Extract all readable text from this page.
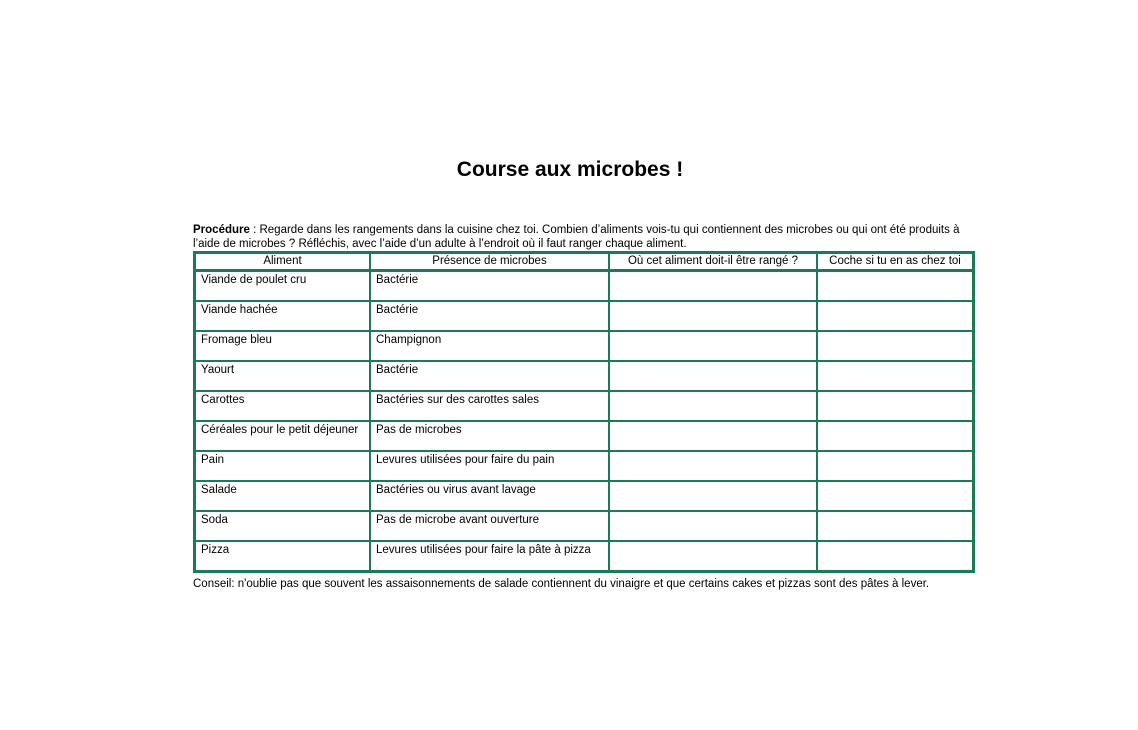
Course aux microbes !

Procédure : Regarde dans les rangements dans la cuisine chez toi. Combien d’aliments vois-tu qui contiennent des microbes ou qui ont été produits à l’aide de microbes ? Réfléchis, avec l’aide d’un adulte à l’endroit où il faut ranger chaque aliment.

Aliment	Présence de microbes	Où cet aliment doit-il être rangé ?	Coche si tu en as chez toi
Viande de poulet cru	Bactérie		
Viande hachée	Bactérie		
Fromage bleu	Champignon		
Yaourt	Bactérie		
Carottes	Bactéries sur des carottes sales		
Céréales pour le petit déjeuner	Pas de microbes		
Pain	Levures utilisées pour faire du pain		
Salade	Bactéries ou virus avant lavage		
Soda	Pas de microbe avant ouverture		
Pizza	Levures utilisées pour faire la pâte à pizza		

Conseil: n'oublie pas que souvent les assaisonnements de salade contiennent du vinaigre et que certains cakes et pizzas sont des pâtes à lever.
